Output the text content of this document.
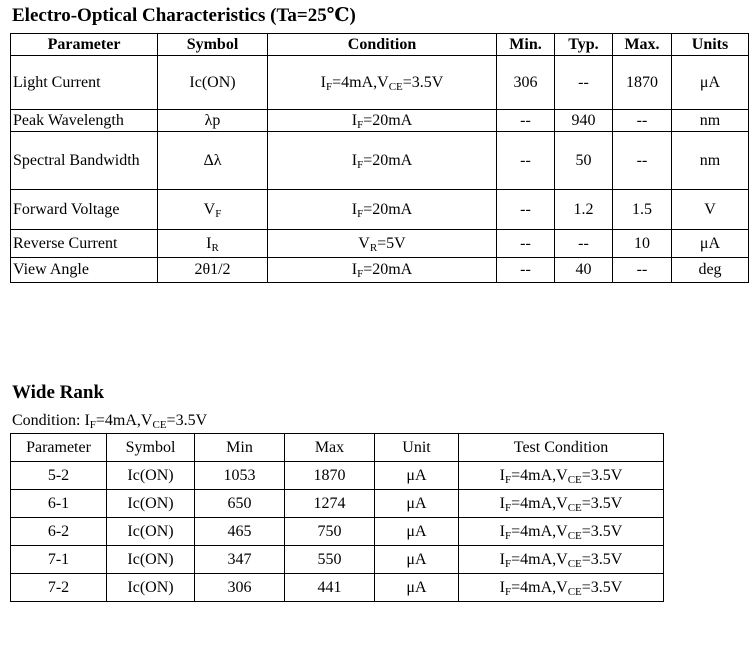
Electro-Optical Characteristics (Ta=25℃)
Parameter	Symbol	Condition	Min.	Typ.	Max.	Units
Light Current	Ic(ON)	$I_F=4mA,V_{CE}=3.5V$	306	--	1870	μA
Peak Wavelength	λp	$I_F=20mA$	--	940	--	nm
Spectral Bandwidth	Δλ	$I_F=20mA$	--	50	--	nm
Forward Voltage	$V_F$	$I_F=20mA$	--	1.2	1.5	V
Reverse Current	$I_R$	$V_R=5V$	--	--	10	μA
View Angle	2θ1/2	$I_F=20mA$	--	40	--	deg
Wide Rank
Condition: $I_F=4mA,V_{CE}=3.5V$
Parameter	Symbol	Min	Max	Unit	Test Condition
5-2	Ic(ON)	1053	1870	μA	$I_F=4mA,V_{CE}=3.5V$
6-1	Ic(ON)	650	1274	μA	$I_F=4mA,V_{CE}=3.5V$
6-2	Ic(ON)	465	750	μA	$I_F=4mA,V_{CE}=3.5V$
7-1	Ic(ON)	347	550	μA	$I_F=4mA,V_{CE}=3.5V$
7-2	Ic(ON)	306	441	μA	$I_F=4mA,V_{CE}=3.5V$
